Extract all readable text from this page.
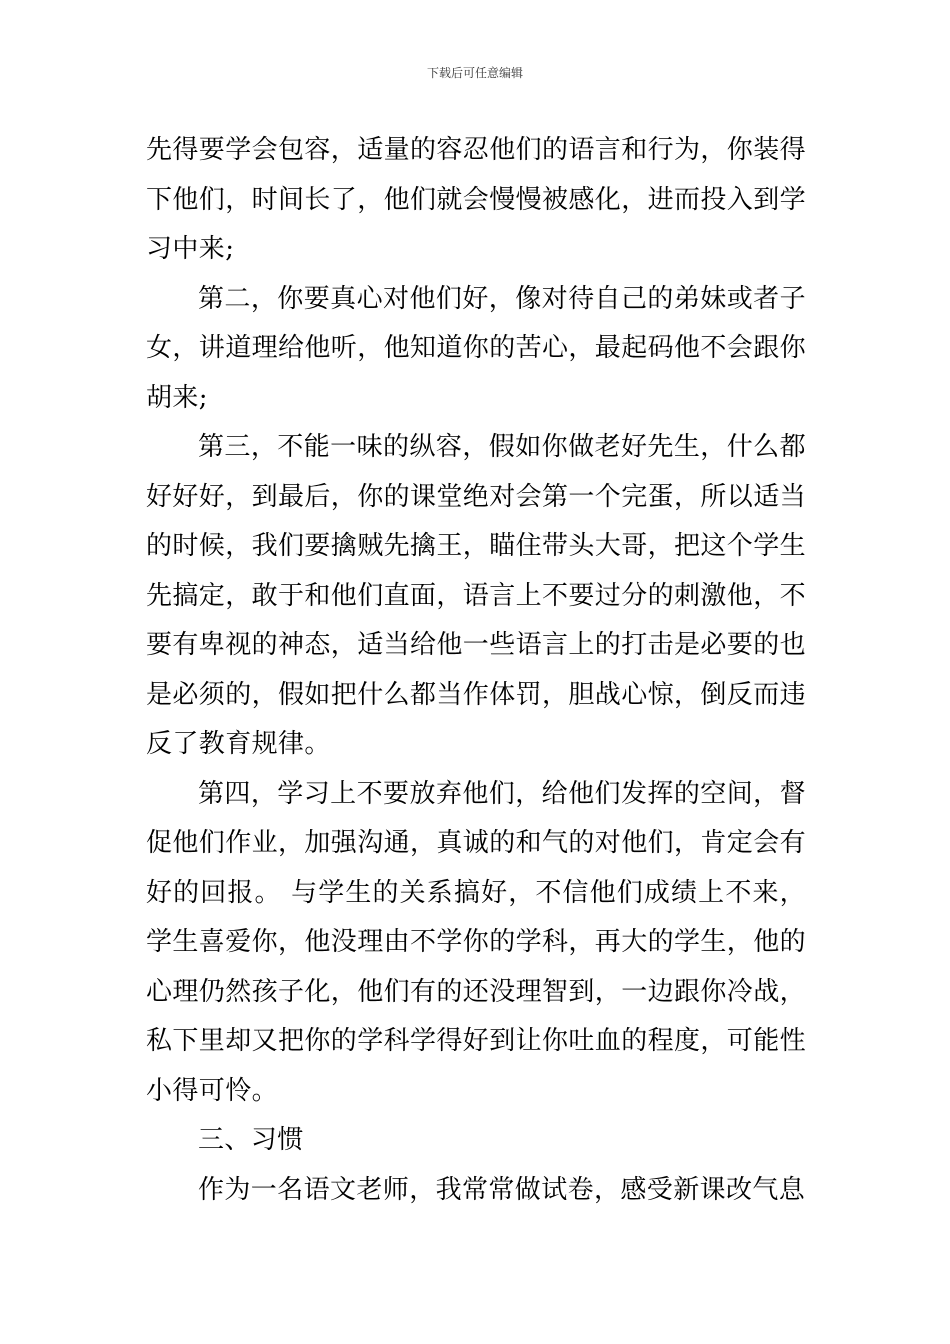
下载后可任意编辑

先得要学会包容，适量的容忍他们的语言和行为，你装得下他们，时间长了，他们就会慢慢被感化，进而投入到学习中来;

第二，你要真心对他们好，像对待自己的弟妹或者子女，讲道理给他听，他知道你的苦心，最起码他不会跟你胡来;

第三，不能一味的纵容，假如你做老好先生，什么都好好好，到最后，你的课堂绝对会第一个完蛋，所以适当的时候，我们要擒贼先擒王，瞄住带头大哥，把这个学生先搞定，敢于和他们直面，语言上不要过分的刺激他，不要有卑视的神态，适当给他一些语言上的打击是必要的也是必须的，假如把什么都当作体罚，胆战心惊，倒反而违反了教育规律。

第四，学习上不要放弃他们，给他们发挥的空间，督促他们作业，加强沟通，真诚的和气的对他们，肯定会有好的回报。 与学生的关系搞好，不信他们成绩上不来，学生喜爱你，他没理由不学你的学科，再大的学生，他的心理仍然孩子化，他们有的还没理智到，一边跟你冷战，私下里却又把你的学科学得好到让你吐血的程度，可能性小得可怜。

三、习惯

作为一名语文老师，我常常做试卷，感受新课改气息
